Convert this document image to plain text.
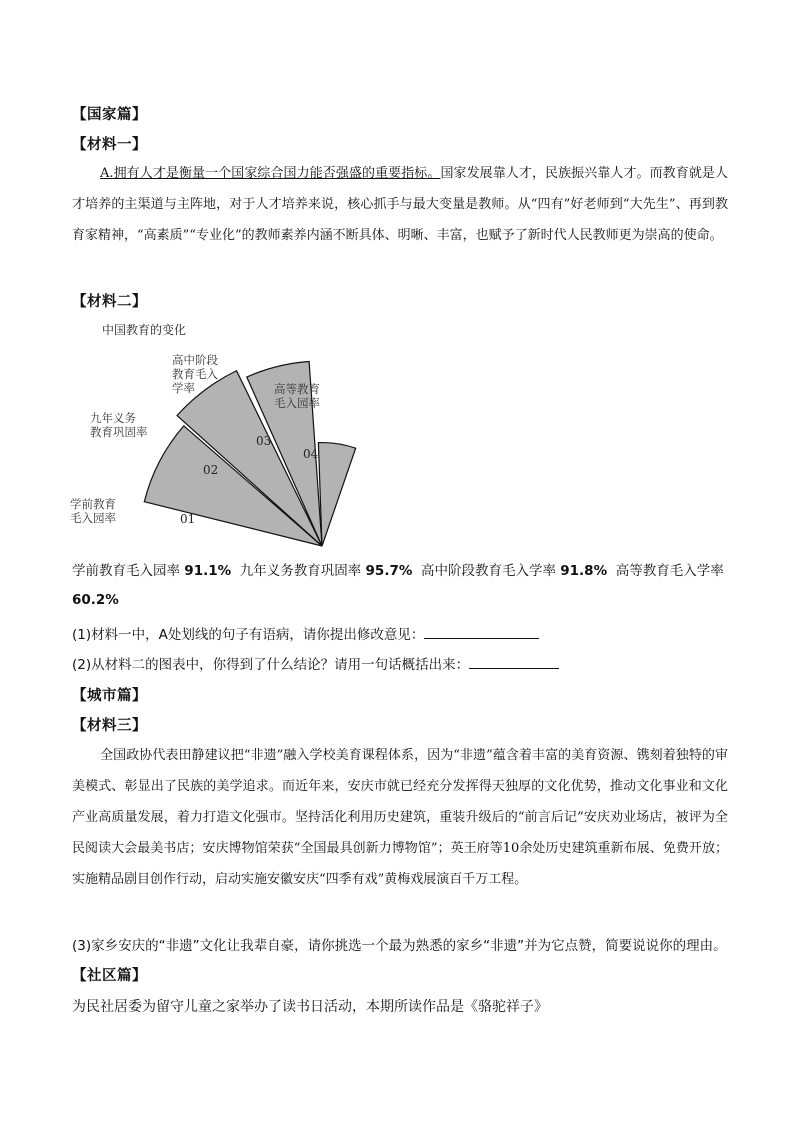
【国家篇】
【材料一】
A.拥有人才是衡量一个国家综合国力能否强盛的重要指标。国家发展靠人才，民族振兴靠人才。而教育就是人才培养的主渠道与主阵地，对于人才培养来说，核心抓手与最大变量是教师。从“四有”好老师到“大先生”、再到教育家精神，“高素质”“专业化”的教师素养内涵不断具体、明晰、丰富，也赋予了新时代人民教师更为崇高的使命。
【材料二】
中国教育的变化
01
02
03
04
学前教育
毛入园率
九年义务
教育巩固率
高中阶段
教育毛入
学率	高等教育
毛入园率
学前教育毛入园率 91.1% 九年义务教育巩固率 95.7% 高中阶段教育毛入学率 91.8% 高等教育毛入学率 60.2%
(1)材料一中，A处划线的句子有语病，请你提出修改意见：
(2)从材料二的图表中，你得到了什么结论？请用一句话概括出来：
【城市篇】
【材料三】
全国政协代表田静建议把“非遗”融入学校美育课程体系，因为“非遗”蕴含着丰富的美育资源、镌刻着独特的审美模式、彰显出了民族的美学追求。而近年来，安庆市就已经充分发挥得天独厚的文化优势，推动文化事业和文化产业高质量发展，着力打造文化强市。坚持活化利用历史建筑，重装升级后的“前言后记”安庆劝业场店，被评为全民阅读大会最美书店；安庆博物馆荣获“全国最具创新力博物馆”；英王府等10余处历史建筑重新布展、免费开放；实施精品剧目创作行动，启动实施安徽安庆“四季有戏”黄梅戏展演百千万工程。
(3)家乡安庆的“非遗”文化让我辈自豪，请你挑选一个最为熟悉的家乡“非遗”并为它点赞，简要说说你的理由。
【社区篇】
为民社居委为留守儿童之家举办了读书日活动，本期所读作品是《骆驼祥子》
